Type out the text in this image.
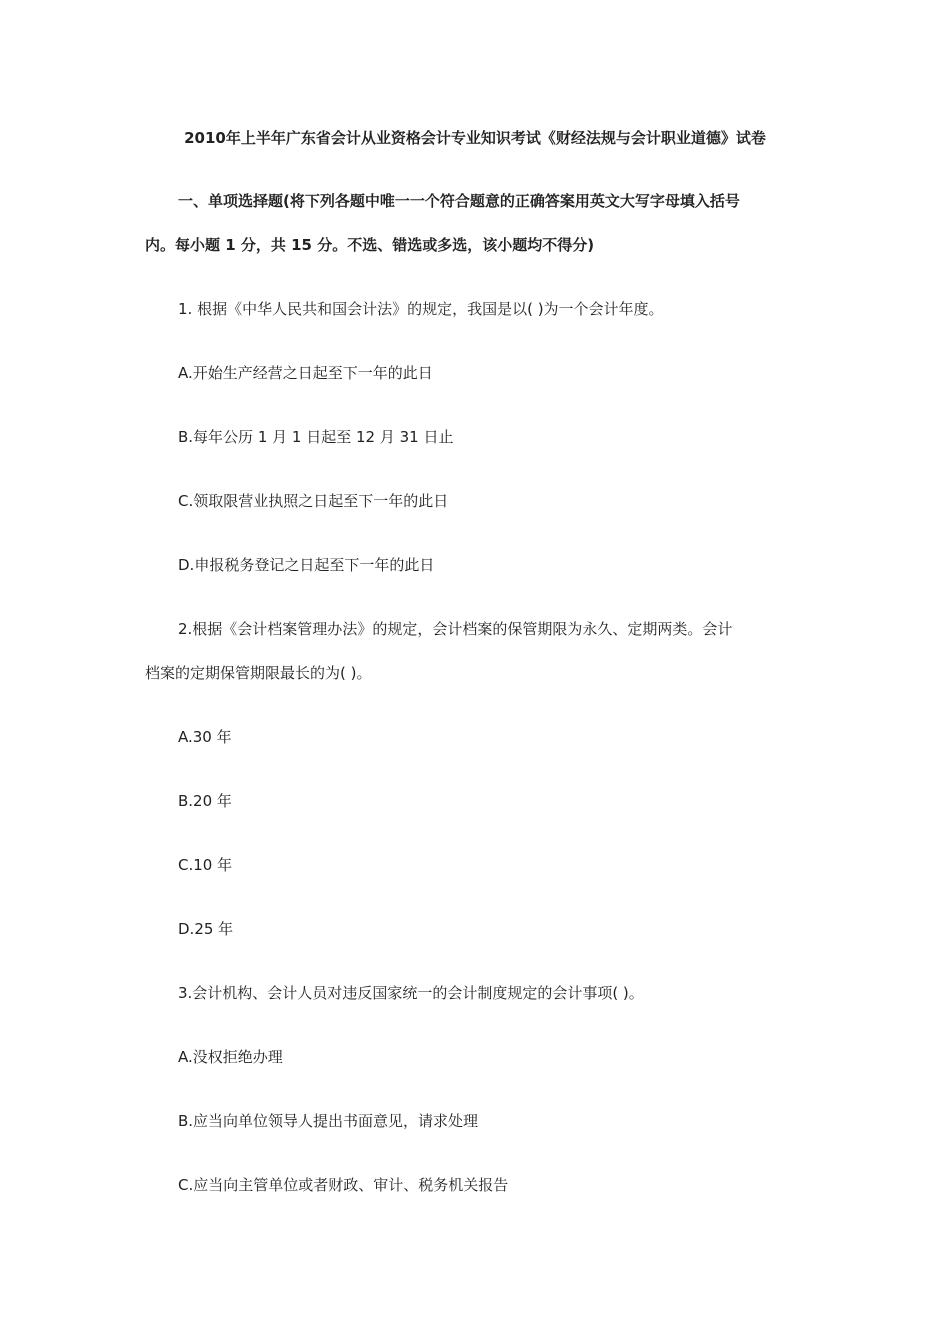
2010年上半年广东省会计从业资格会计专业知识考试《财经法规与会计职业道德》试卷
一、单项选择题(将下列各题中唯一一个符合题意的正确答案用英文大写字母填入括号
内。每小题 1 分，共 15 分。不选、错选或多选，该小题均不得分)
1. 根据《中华人民共和国会计法》的规定，我国是以( )为一个会计年度。
A.开始生产经营之日起至下一年的此日
B.每年公历 1 月 1 日起至 12 月 31 日止
C.领取限营业执照之日起至下一年的此日
D.申报税务登记之日起至下一年的此日
2.根据《会计档案管理办法》的规定，会计档案的保管期限为永久、定期两类。会计
档案的定期保管期限最长的为( )。
A.30 年
B.20 年
C.10 年
D.25 年
3.会计机构、会计人员对违反国家统一的会计制度规定的会计事项( )。
A.没权拒绝办理
B.应当向单位领导人提出书面意见，请求处理
C.应当向主管单位或者财政、审计、税务机关报告
